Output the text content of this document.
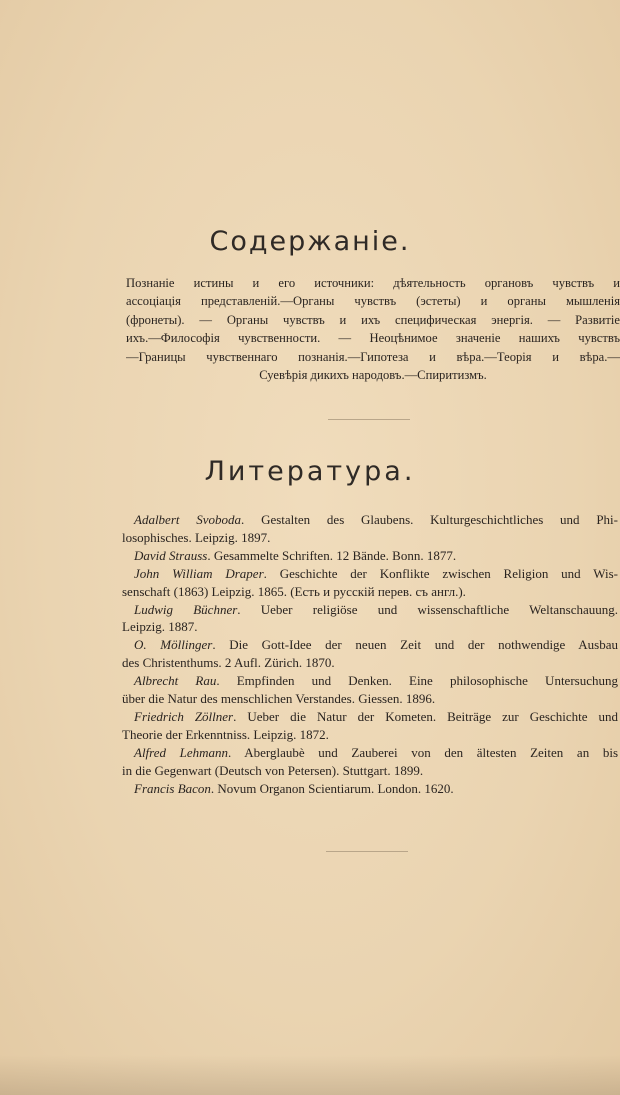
Содержаніе.
Познаніе истины и его источники: дѣятельность органовъ чувствъ и
ассоціація представленій.—Органы чувствъ (эстеты) и органы мышленія
(фронеты). — Органы чувствъ и ихъ специфическая энергія. — Развитіе
ихъ.—Философія чувственности. — Неоцѣнимое значеніе нашихъ чувствъ
—Границы чувственнаго познанія.—Гипотеза и вѣра.—Теорія и вѣра.—
Суевѣрія дикихъ народовъ.—Спиритизмъ.
Литература.
Adalbert Svoboda. Gestalten des Glaubens. Kulturgeschichtliches und Phi-
losophisches. Leipzig. 1897.
David Strauss. Gesammelte Schriften. 12 Bände. Bonn. 1877.
John William Draper. Geschichte der Konflikte zwischen Religion und Wis-
senschaft (1863) Leipzig. 1865. (Есть и русскій перев. съ англ.).
Ludwig Büchner. Ueber religiöse und wissenschaftliche Weltanschauung.
Leipzig. 1887.
O. Möllinger. Die Gott-Idee der neuen Zeit und der nothwendige Ausbau
des Christenthums. 2 Aufl. Zürich. 1870.
Albrecht Rau. Empfinden und Denken. Eine philosophische Untersuchung
über die Natur des menschlichen Verstandes. Giessen. 1896.
Friedrich Zöllner. Ueber die Natur der Kometen. Beiträge zur Geschichte und
Theorie der Erkenntniss. Leipzig. 1872.
Alfred Lehmann. Aberglaubè und Zauberei von den ältesten Zeiten an bis
in die Gegenwart (Deutsch von Petersen). Stuttgart. 1899.
Francis Bacon. Novum Organon Scientiarum. London. 1620.
